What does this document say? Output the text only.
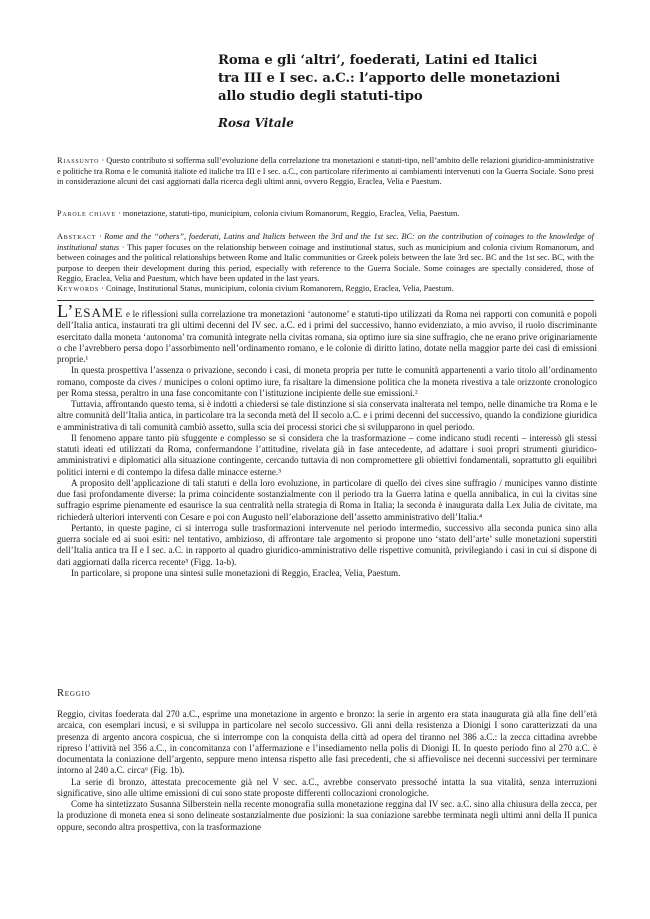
Roma e gli ‘altri’, foederati, Latini ed Italici

tra III e I sec. a.C.: l’apporto delle monetazioni

allo studio degli statuti-tipo

Rosa Vitale

Riassunto · Questo contributo si sofferma sull’evoluzione della correlazione tra monetazioni e statuti-tipo, nell’ambito delle relazioni giuridico-amministrative e politiche tra Roma e le comunità italiote ed italiche tra III e I sec. a.C., con particolare riferimento ai cambiamenti intervenuti con la Guerra Sociale. Sono presi in considerazione alcuni dei casi aggiornati dalla ricerca degli ultimi anni, ovvero Reggio, Eraclea, Velia e Paestum.

Parole chiave · monetazione, statuti-tipo, municipium, colonia civium Romanorum, Reggio, Eraclea, Velia, Paestum.

Abstract · Rome and the “others”, foederati, Latins and Italicts between the 3rd and the 1st sec. BC: on the contribution of coinages to the knowledge of institutional status · This paper focuses on the relationship between coinage and institutional status, such as municipium and colonia civium Romanorum, and between coinages and the political relationships between Rome and Italic communities or Greek poleis between the late 3rd sec. BC and the 1st sec. BC, with the purpose to deepen their development during this period, especially with reference to the Guerra Sociale. Some coinages are specially considered, those of Reggio, Eraclea, Velia and Paestum, which have been updated in the last years.

Keywords · Coinage, Institutional Status, municipium, colonia civium Romanorem, Reggio, Eraclea, Velia, Paestum.

L’esame e le riflessioni sulla correlazione tra monetazioni ‘autonome’ e statuti-tipo utilizzati da Roma nei rapporti con comunità e popoli dell’Italia antica, instaurati tra gli ultimi decenni del IV sec. a.C. ed i primi del successivo, hanno evidenziato, a mio avviso, il ruolo discriminante esercitato dalla moneta ‘autonoma’ tra comunità integrate nella civitas romana, sia optimo iure sia sine suffragio, che ne erano prive originariamente o che l’avrebbero persa dopo l’assorbimento nell’ordinamento romano, e le colonie di diritto latino, dotate nella maggior parte dei casi di emissioni proprie.¹

In questa prospettiva l’assenza o privazione, secondo i casi, di moneta propria per tutte le comunità appartenenti a vario titolo all’ordinamento romano, composte da cives / municipes o coloni optimo iure, fa risaltare la dimensione politica che la moneta rivestiva a tale orizzonte cronologico per Roma stessa, peraltro in una fase concomitante con l’istituzione incipiente delle sue emissioni.²

Tuttavia, affrontando questo tema, si è indotti a chiedersi se tale distinzione si sia conservata inalterata nel tempo, nelle dinamiche tra Roma e le altre comunità dell’Italia antica, in particolare tra la seconda metà del II secolo a.C. e i primi decenni del successivo, quando la condizione giuridica e amministrativa di tali comunità cambiò assetto, sulla scia dei processi storici che si svilupparono in quel periodo.

Il fenomeno appare tanto più sfuggente e complesso se si considera che la trasformazione – come indicano studi recenti – interessò gli stessi statuti ideati ed utilizzati da Roma, confermandone l’attitudine, rivelata già in fase antecedente, ad adattare i suoi propri strumenti giuridico-amministrativi e diplomatici alla situazione contingente, cercando tuttavia di non compromettere gli obiettivi fondamentali, soprattutto gli equilibri politici interni e di contempo la difesa dalle minacce esterne.³

A proposito dell’applicazione di tali statuti e della loro evoluzione, in particolare di quello dei cives sine suffragio / municipes vanno distinte due fasi profondamente diverse: la prima coincidente sostanzialmente con il periodo tra la Guerra latina e quella annibalica, in cui la civitas sine suffragio esprime pienamente ed esaurisce la sua centralità nella strategia di Roma in Italia; la seconda è inaugurata dalla Lex Julia de civitate, ma richiederà ulteriori interventi con Cesare e poi con Augusto nell’elaborazione dell’assetto amministrativo dell’Italia.⁴

Pertanto, in queste pagine, ci si interroga sulle trasformazioni intervenute nel periodo intermedio, successivo alla seconda punica sino alla guerra sociale ed ai suoi esiti: nel tentativo, ambizioso, di affrontare tale argomento si propone uno ‘stato dell’arte’ sulle monetazioni superstiti dell’Italia antica tra II e I sec. a.C. in rapporto al quadro giuridico-amministrativo delle rispettive comunità, privilegiando i casi in cui si dispone di dati aggiornati dalla ricerca recente⁵ (Figg. 1a-b).

In particolare, si propone una sintesi sulle monetazioni di Reggio, Eraclea, Velia, Paestum.

Reggio

Reggio, civitas foederata dal 270 a.C., esprime una monetazione in argento e bronzo: la serie in argento era stata inaugurata già alla fine dell’età arcaica, con esemplari incusi, e si sviluppa in particolare nel secolo successivo. Gli anni della resistenza a Dionigi I sono caratterizzati da una presenza di argento ancora cospicua, che si interrompe con la conquista della città ad opera del tiranno nel 386 a.C.: la zecca cittadina avrebbe ripreso l’attività nel 356 a.C., in concomitanza con l’affermazione e l’insediamento nella polis di Dionigi II. In questo periodo fino al 270 a.C. è documentata la coniazione dell’argento, seppure meno intensa rispetto alle fasi precedenti, che si affievolisce nei decenni successivi per terminare intorno al 240 a.C. circa⁶ (Fig. 1b).

La serie di bronzo, attestata precocemente già nel V sec. a.C., avrebbe conservato pressoché intatta la sua vitalità, senza interruzioni significative, sino alle ultime emissioni di cui sono state proposte differenti collocazioni cronologiche.

Come ha sintetizzato Susanna Silberstein nella recente monografia sulla monetazione reggina dal IV sec. a.C. sino alla chiusura della zecca, per la produzione di moneta enea si sono delineate sostanzialmente due posizioni: la sua coniazione sarebbe terminata negli ultimi anni della II punica oppure, secondo altra prospettiva, con la trasformazione
